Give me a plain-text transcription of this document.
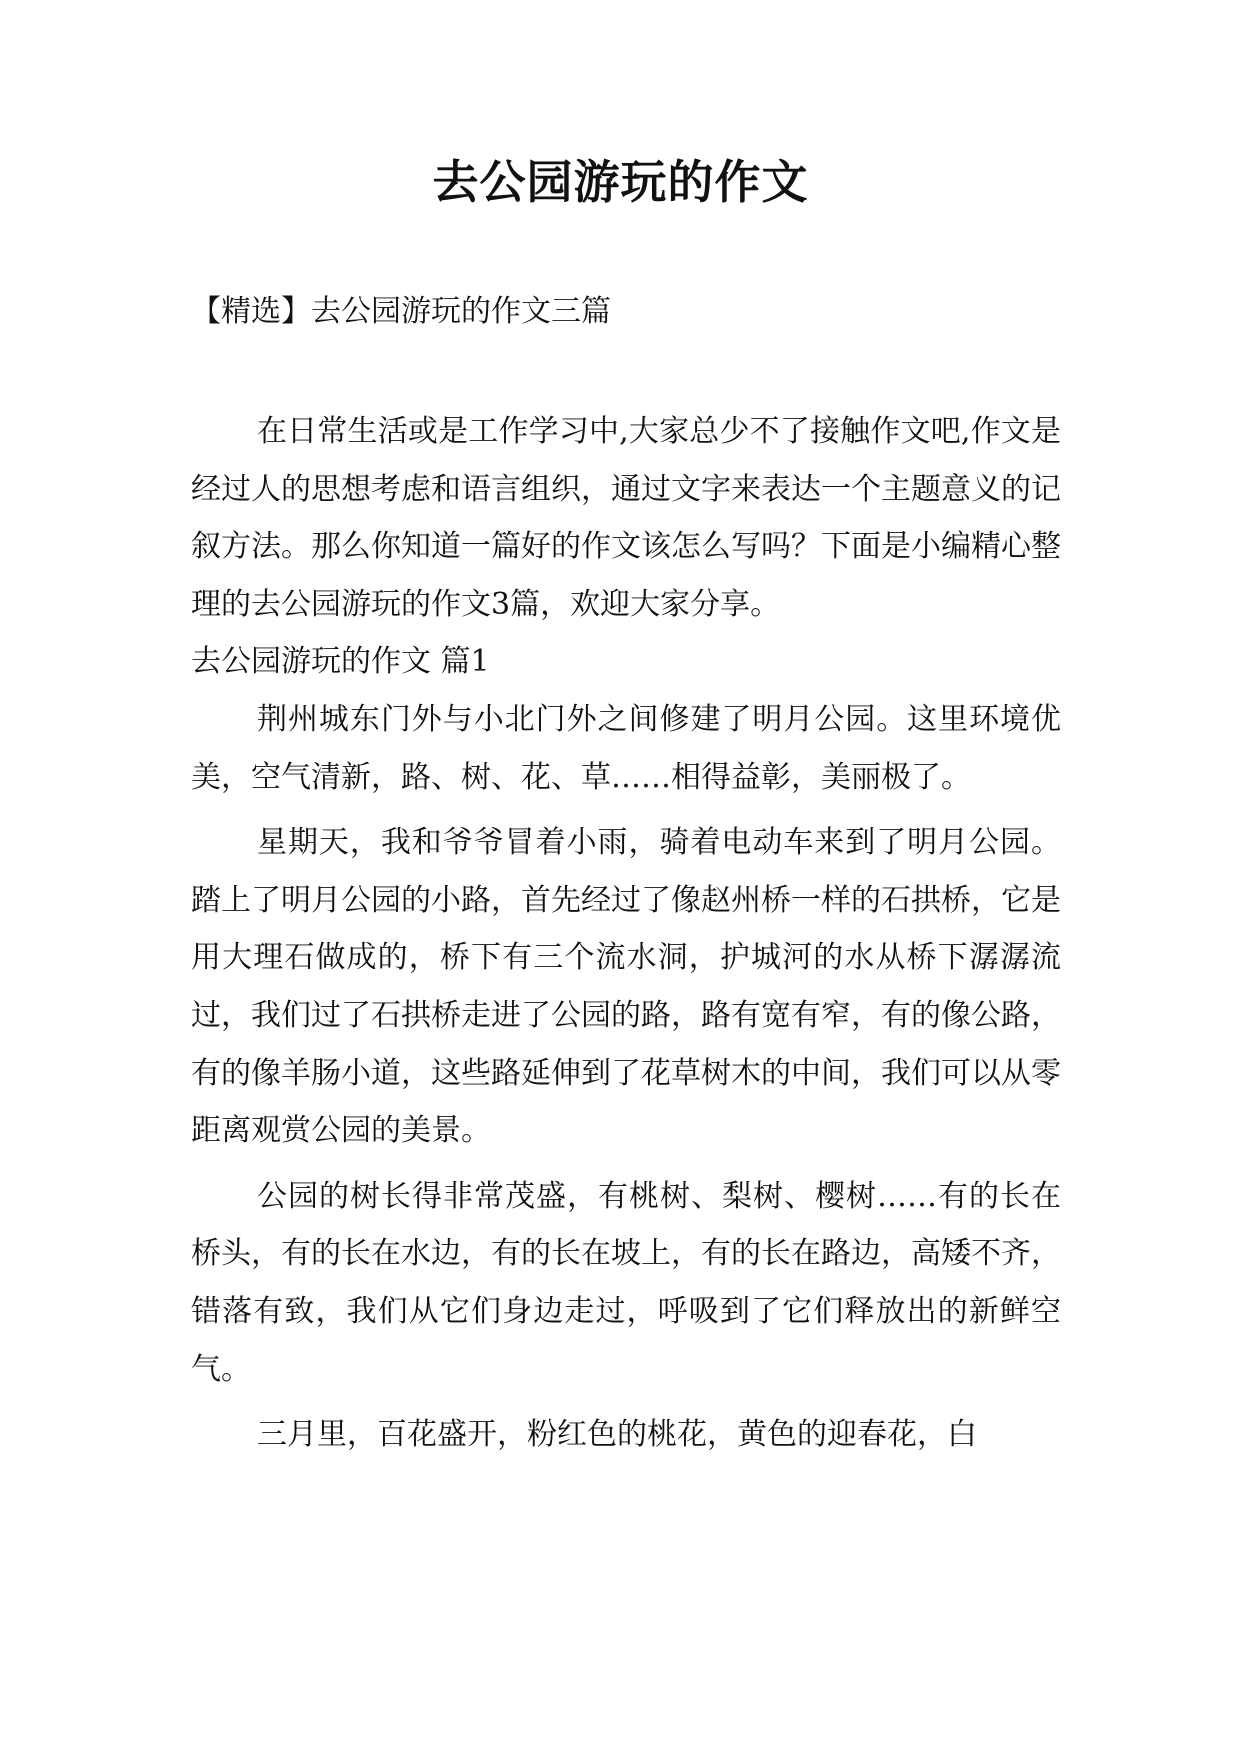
去公园游玩的作文
【精选】去公园游玩的作文三篇

在日常生活或是工作学习中,大家总少不了接触作文吧,作文是经过人的思想考虑和语言组织，通过文字来表达一个主题意义的记叙方法。那么你知道一篇好的作文该怎么写吗？下面是小编精心整理的去公园游玩的作文3篇，欢迎大家分享。

去公园游玩的作文 篇1

荆州城东门外与小北门外之间修建了明月公园。这里环境优美，空气清新，路、树、花、草……相得益彰，美丽极了。

星期天，我和爷爷冒着小雨，骑着电动车来到了明月公园。踏上了明月公园的小路，首先经过了像赵州桥一样的石拱桥，它是用大理石做成的，桥下有三个流水洞，护城河的水从桥下潺潺流过，我们过了石拱桥走进了公园的路，路有宽有窄，有的像公路，有的像羊肠小道，这些路延伸到了花草树木的中间，我们可以从零距离观赏公园的美景。

公园的树长得非常茂盛，有桃树、梨树、樱树……有的长在桥头，有的长在水边，有的长在坡上，有的长在路边，高矮不齐，错落有致，我们从它们身边走过，呼吸到了它们释放出的新鲜空气。

三月里，百花盛开，粉红色的桃花，黄色的迎春花，白
